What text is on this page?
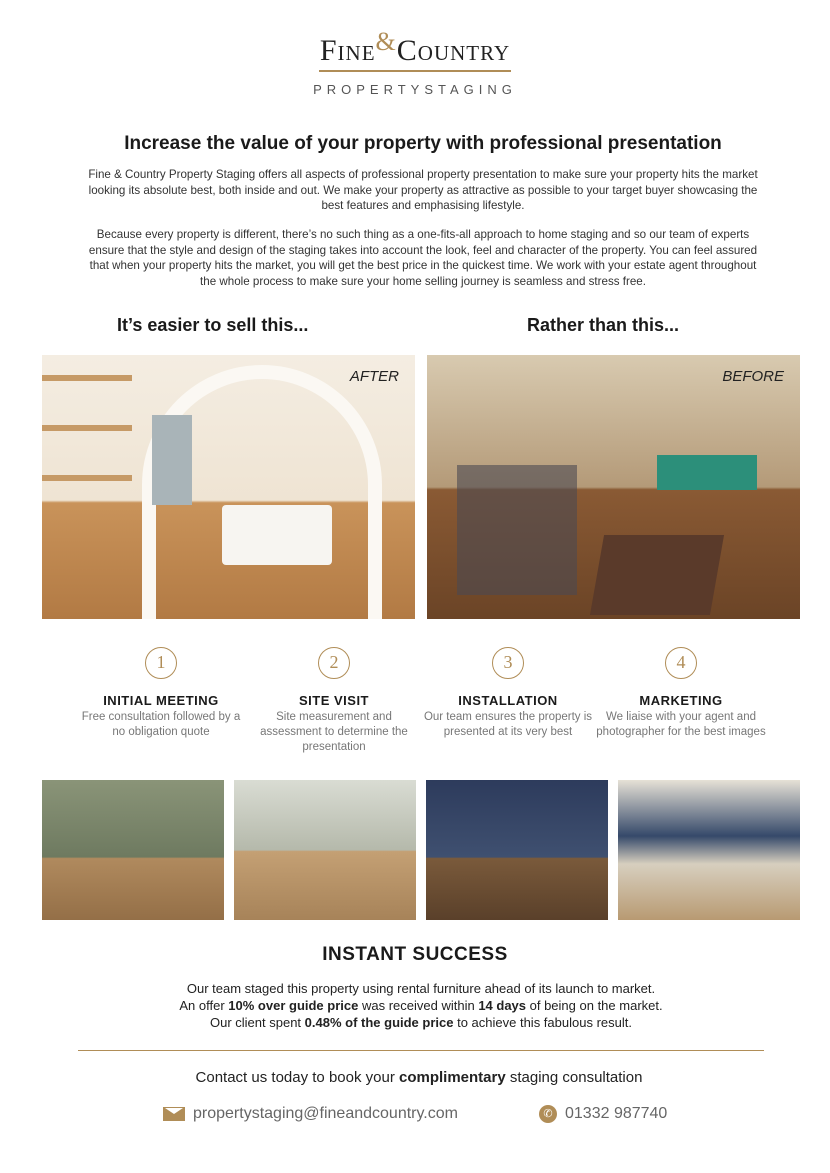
Fine&Country
PROPERTYSTAGING
Increase the value of your property with professional presentation

Fine & Country Property Staging offers all aspects of professional property presentation to make sure your property hits the market looking its absolute best, both inside and out. We make your property as attractive as possible to your target buyer showcasing the best features and emphasising lifestyle.

Because every property is different, there’s no such thing as a one-fits-all approach to home staging and so our team of experts ensure that the style and design of the staging takes into account the look, feel and character of the property. You can feel assured that when your property hits the market, you will get the best price in the quickest time. We work with your estate agent throughout the whole process to make sure your home selling journey is seamless and stress free.

It’s easier to sell this...	Rather than this...
AFTER	BEFORE
1
INITIAL MEETING
Free consultation followed by a no obligation quote
2
SITE VISIT
Site measurement and assessment to determine the presentation
3
INSTALLATION
Our team ensures the property is presented at its very best
4
MARKETING
We liaise with your agent and photographer for the best images
INSTANT SUCCESS
Our team staged this property using rental furniture ahead of its launch to market.
An offer 10% over guide price was received within 14 days of being on the market.
Our client spent 0.48% of the guide price to achieve this fabulous result.
Contact us today to book your complimentary staging consultation
propertystaging@fineandcountry.com	✆ 01332 987740
